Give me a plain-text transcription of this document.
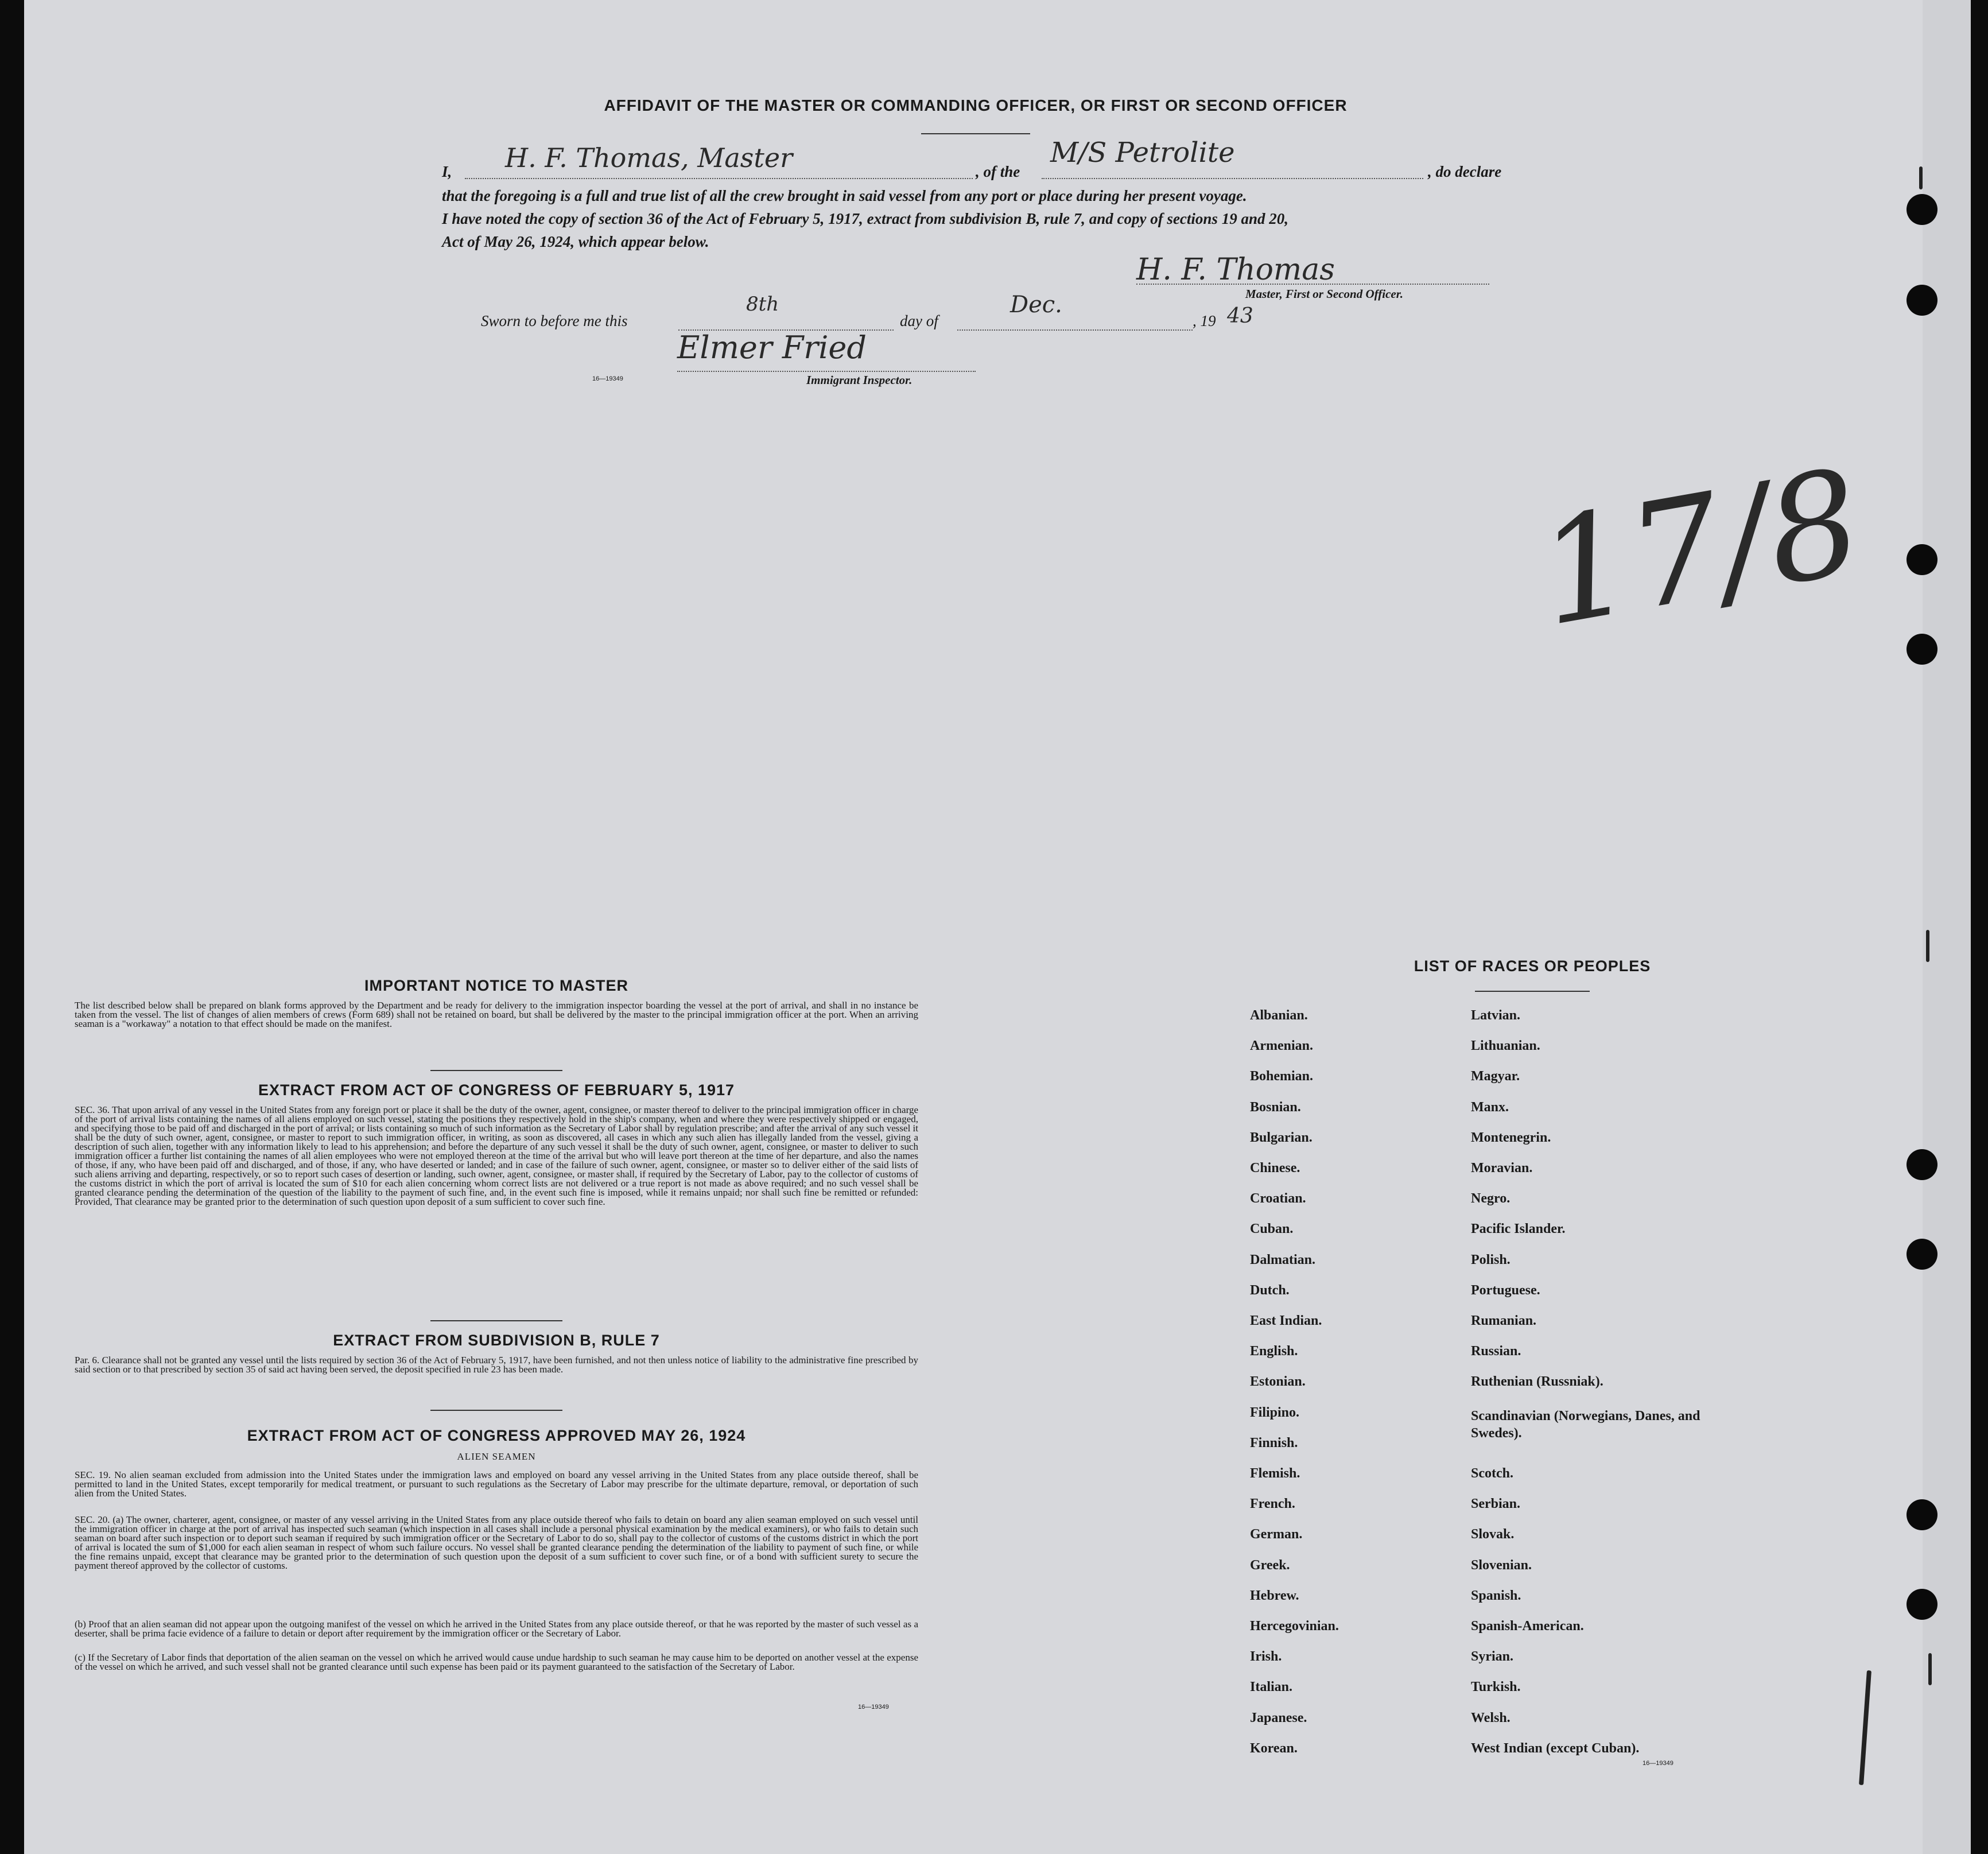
AFFIDAVIT OF THE MASTER OR COMMANDING OFFICER, OR FIRST OR SECOND OFFICER
I, H. F. Thomas, Master	, of the
M/S Petrolite
, do declare
that the foregoing is a full and true list of all the crew brought in said vessel from any port or place during her present voyage.
I have noted the copy of section 36 of the Act of February 5, 1917, extract from subdivision B, rule 7, and copy of sections 19 and 20,
Act of May 26, 1924, which appear below.
H. F. Thomas
Master, First or Second Officer.
Sworn to before me this
8th
day of
Dec.
, 19 43
Elmer Fried
16—19349	Immigrant Inspector.
17/8
IMPORTANT NOTICE TO MASTER
The list described below shall be prepared on blank forms approved by the Department and be ready for delivery to the immigration inspector boarding the vessel at the port of arrival, and shall in no instance be taken from the vessel. The list of changes of alien members of crews (Form 689) shall not be retained on board, but shall be delivered by the master to the principal immigration officer at the port. When an arriving seaman is a "workaway" a notation to that effect should be made on the manifest.
EXTRACT FROM ACT OF CONGRESS OF FEBRUARY 5, 1917
SEC. 36. That upon arrival of any vessel in the United States from any foreign port or place it shall be the duty of the owner, agent, consignee, or master thereof to deliver to the principal immigration officer in charge of the port of arrival lists containing the names of all aliens employed on such vessel, stating the positions they respectively hold in the ship's company, when and where they were respectively shipped or engaged, and specifying those to be paid off and discharged in the port of arrival; or lists containing so much of such information as the Secretary of Labor shall by regulation prescribe; and after the arrival of any such vessel it shall be the duty of such owner, agent, consignee, or master to report to such immigration officer, in writing, as soon as discovered, all cases in which any such alien has illegally landed from the vessel, giving a description of such alien, together with any information likely to lead to his apprehension; and before the departure of any such vessel it shall be the duty of such owner, agent, consignee, or master to deliver to such immigration officer a further list containing the names of all alien employees who were not employed thereon at the time of the arrival but who will leave port thereon at the time of her departure, and also the names of those, if any, who have been paid off and discharged, and of those, if any, who have deserted or landed; and in case of the failure of such owner, agent, consignee, or master so to deliver either of the said lists of such aliens arriving and departing, respectively, or so to report such cases of desertion or landing, such owner, agent, consignee, or master shall, if required by the Secretary of Labor, pay to the collector of customs of the customs district in which the port of arrival is located the sum of $10 for each alien concerning whom correct lists are not delivered or a true report is not made as above required; and no such vessel shall be granted clearance pending the determination of the question of the liability to the payment of such fine, and, in the event such fine is imposed, while it remains unpaid; nor shall such fine be remitted or refunded: Provided, That clearance may be granted prior to the determination of such question upon deposit of a sum sufficient to cover such fine.
EXTRACT FROM SUBDIVISION B, RULE 7
Par. 6. Clearance shall not be granted any vessel until the lists required by section 36 of the Act of February 5, 1917, have been furnished, and not then unless notice of liability to the administrative fine prescribed by said section or to that prescribed by section 35 of said act having been served, the deposit specified in rule 23 has been made.
EXTRACT FROM ACT OF CONGRESS APPROVED MAY 26, 1924
ALIEN SEAMEN
SEC. 19. No alien seaman excluded from admission into the United States under the immigration laws and employed on board any vessel arriving in the United States from any place outside thereof, shall be permitted to land in the United States, except temporarily for medical treatment, or pursuant to such regulations as the Secretary of Labor may prescribe for the ultimate departure, removal, or deportation of such alien from the United States.
SEC. 20. (a) The owner, charterer, agent, consignee, or master of any vessel arriving in the United States from any place outside thereof who fails to detain on board any alien seaman employed on such vessel until the immigration officer in charge at the port of arrival has inspected such seaman (which inspection in all cases shall include a personal physical examination by the medical examiners), or who fails to detain such seaman on board after such inspection or to deport such seaman if required by such immigration officer or the Secretary of Labor to do so, shall pay to the collector of customs of the customs district in which the port of arrival is located the sum of $1,000 for each alien seaman in respect of whom such failure occurs. No vessel shall be granted clearance pending the determination of the liability to payment of such fine, or while the fine remains unpaid, except that clearance may be granted prior to the determination of such question upon the deposit of a sum sufficient to cover such fine, or of a bond with sufficient surety to secure the payment thereof approved by the collector of customs.
(b) Proof that an alien seaman did not appear upon the outgoing manifest of the vessel on which he arrived in the United States from any place outside thereof, or that he was reported by the master of such vessel as a deserter, shall be prima facie evidence of a failure to detain or deport after requirement by the immigration officer or the Secretary of Labor.
(c) If the Secretary of Labor finds that deportation of the alien seaman on the vessel on which he arrived would cause undue hardship to such seaman he may cause him to be deported on another vessel at the expense of the vessel on which he arrived, and such vessel shall not be granted clearance until such expense has been paid or its payment guaranteed to the satisfaction of the Secretary of Labor.
16—19349
LIST OF RACES OR PEOPLES
Albanian.
Armenian.
Bohemian.
Bosnian.
Bulgarian.
Chinese.
Croatian.
Cuban.
Dalmatian.
Dutch.
East Indian.
English.
Estonian.
Filipino.
Finnish.
Flemish.
French.
German.
Greek.
Hebrew.
Hercegovinian.
Irish.
Italian.
Japanese.
Korean.
Latvian.
Lithuanian.
Magyar.
Manx.
Montenegrin.
Moravian.
Negro.
Pacific Islander.
Polish.
Portuguese.
Rumanian.
Russian.
Ruthenian (Russniak).
Scandinavian (Norwegians, Danes, and Swedes).
Scotch.
Serbian.
Slovak.
Slovenian.
Spanish.
Spanish-American.
Syrian.
Turkish.
Welsh.
West Indian (except Cuban).
16—19349
